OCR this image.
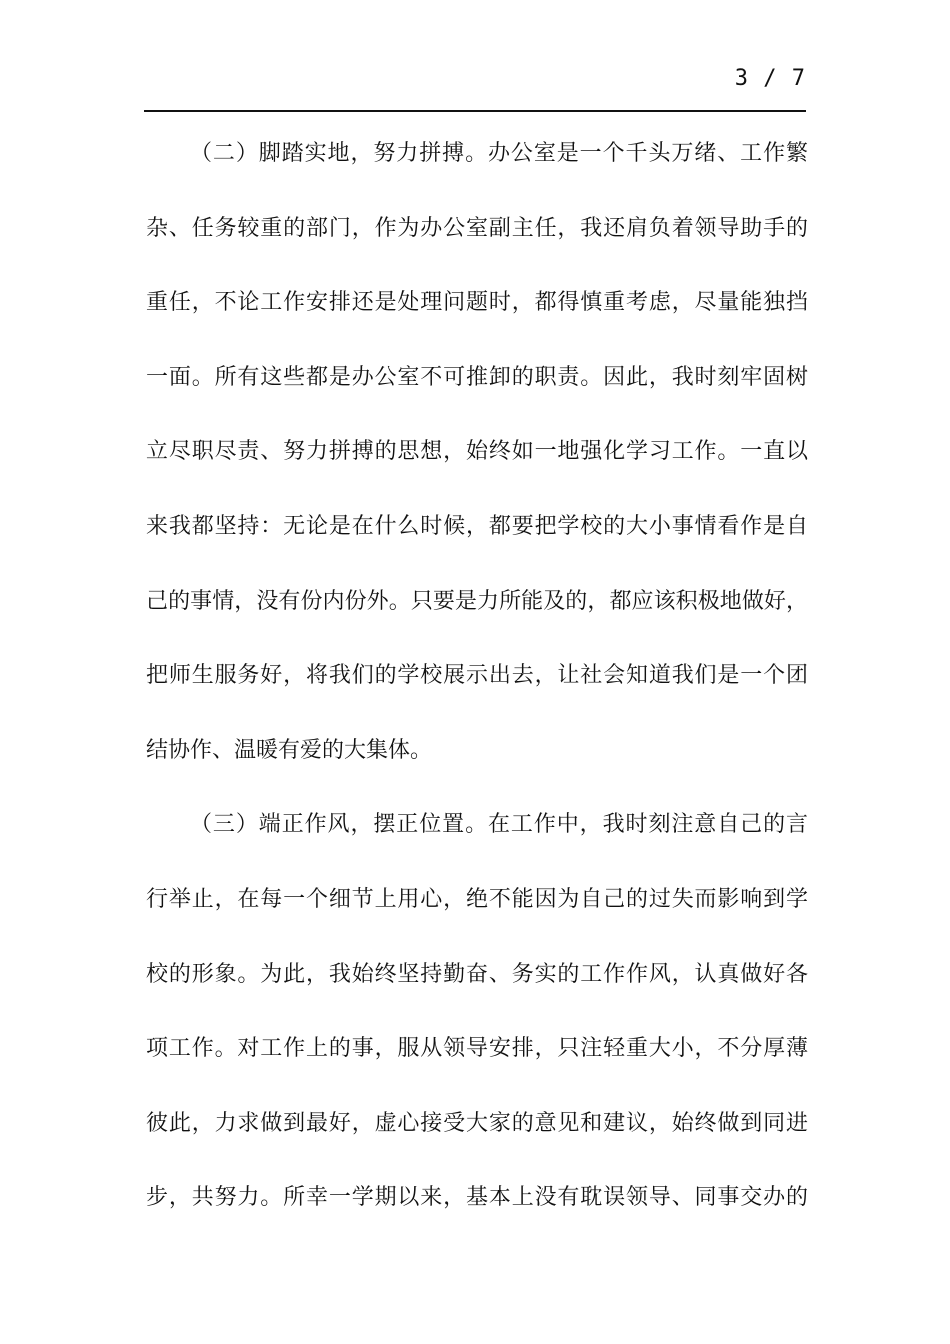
3 / 7
（二）脚踏实地，努力拼搏。办公室是一个千头万绪、工作繁
杂、任务较重的部门，作为办公室副主任，我还肩负着领导助手的
重任，不论工作安排还是处理问题时，都得慎重考虑，尽量能独挡
一面。所有这些都是办公室不可推卸的职责。因此，我时刻牢固树
立尽职尽责、努力拼搏的思想，始终如一地强化学习工作。一直以
来我都坚持：无论是在什么时候，都要把学校的大小事情看作是自
己的事情，没有份内份外。只要是力所能及的，都应该积极地做好，
把师生服务好，将我们的学校展示出去，让社会知道我们是一个团
结协作、温暖有爱的大集体。
（三）端正作风，摆正位置。在工作中，我时刻注意自己的言
行举止，在每一个细节上用心，绝不能因为自己的过失而影响到学
校的形象。为此，我始终坚持勤奋、务实的工作作风，认真做好各
项工作。对工作上的事，服从领导安排，只注轻重大小，不分厚薄
彼此，力求做到最好，虚心接受大家的意见和建议，始终做到同进
步，共努力。所幸一学期以来，基本上没有耽误领导、同事交办的
